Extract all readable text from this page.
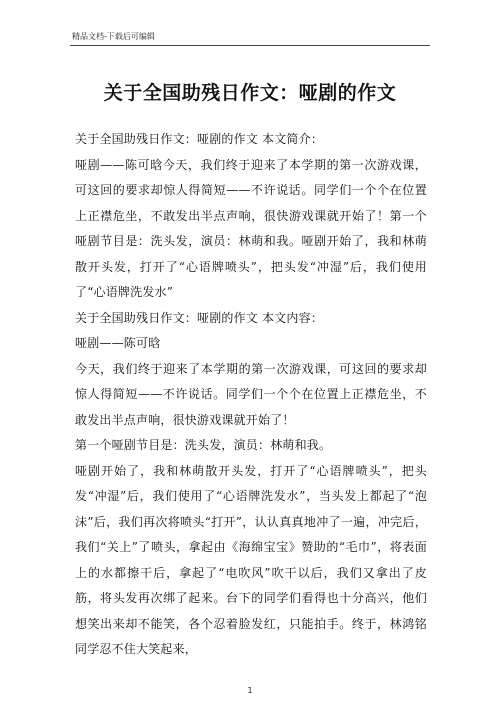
精品文档-下载后可编辑
关于全国助残日作文：哑剧的作文

关于全国助残日作文：哑剧的作文 本文简介：

哑剧——陈可晗今天，我们终于迎来了本学期的第一次游戏课，可这回的要求却惊人得简短——不许说话。同学们一个个在位置上正襟危坐，不敢发出半点声响，很快游戏课就开始了！第一个哑剧节目是：洗头发，演员：林萌和我。哑剧开始了，我和林萌散开头发，打开了“心语牌喷头”，把头发“冲湿”后，我们使用了“心语牌洗发水”

关于全国助残日作文：哑剧的作文 本文内容：

哑剧——陈可晗

今天，我们终于迎来了本学期的第一次游戏课，可这回的要求却惊人得简短——不许说话。同学们一个个在位置上正襟危坐，不敢发出半点声响，很快游戏课就开始了！

第一个哑剧节目是：洗头发，演员：林萌和我。

哑剧开始了，我和林萌散开头发，打开了“心语牌喷头”，把头发“冲湿”后，我们使用了“心语牌洗发水”，当头发上都起了“泡沫”后，我们再次将喷头“打开”，认认真真地冲了一遍，冲完后，我们“关上”了喷头，拿起由《海绵宝宝》赞助的“毛巾”，将表面上的水都擦干后，拿起了“电吹风”吹干以后，我们又拿出了皮筋，将头发再次绑了起来。台下的同学们看得也十分高兴，他们想笑出来却不能笑，各个忍着脸发红，只能拍手。终于，林鸿铭同学忍不住大笑起来，

1
